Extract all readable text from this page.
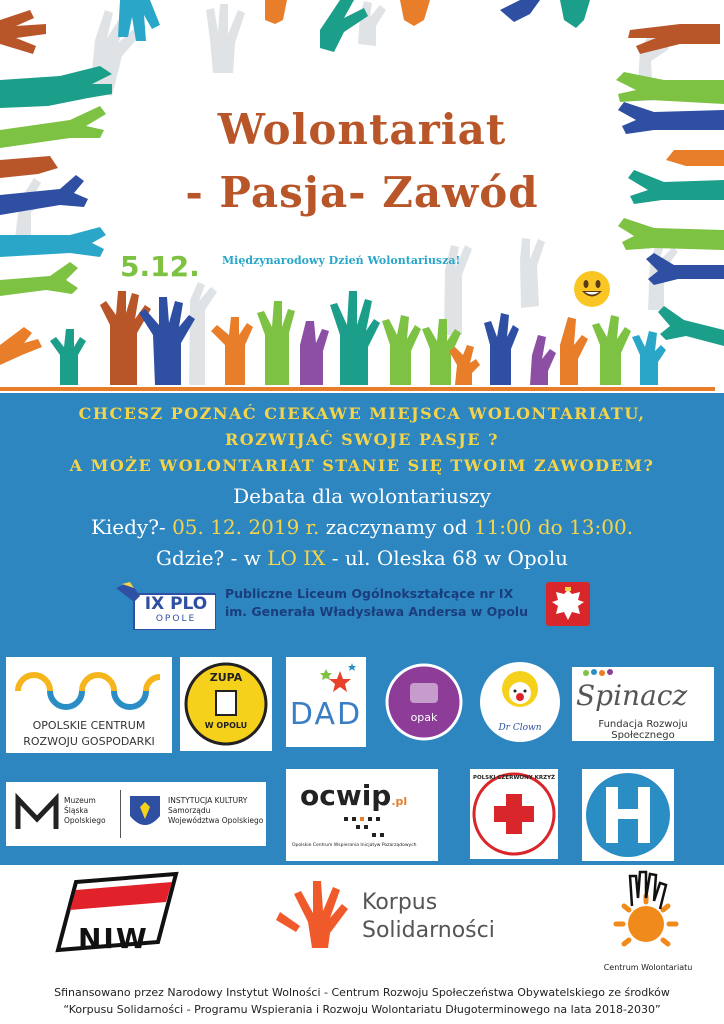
Wolontariat
- Pasja- Zawód
5.12. Międzynarodowy Dzień Wolontariusza!
CHCESZ POZNAĆ CIEKAWE MIEJSCA WOLONTARIATU,
ROZWIJAĆ SWOJE PASJE ?
A MOŻE WOLONTARIAT STANIE SIĘ TWOIM ZAWODEM?
Debata dla wolontariuszy
Kiedy?- 05. 12. 2019 r. zaczynamy od 11:00 do 13:00.
Gdzie? - w LO IX - ul. Oleska 68 w Opolu
IX PLO
OPOLE
Publiczne Liceum Ogólnokształcące nr IX
im. Generała Władysława Andersa w Opolu
OPOLSKIE CENTRUM
ROZWOJU GOSPODARKI
ZUPA
W OPOLU DAD	opak
Dr Clown
Spinacz
Fundacja Rozwoju Społecznego
Muzeum
Śląska
Opolskiego
INSTYTUCJA KULTURY
Samorządu
Województwa Opolskiego
ocwip.pl
Opolskie Centrum Wspierania Inicjatyw Pozarządowych
POLSKI CZERWONY KRZYŻ
NIW
Korpus
Solidarności
Centrum Wolontariatu
Sfinansowano przez Narodowy Instytut Wolności - Centrum Rozwoju Społeczeństwa Obywatelskiego ze środków
“Korpusu Solidarności - Programu Wspierania i Rozwoju Wolontariatu Długoterminowego na lata 2018-2030”
